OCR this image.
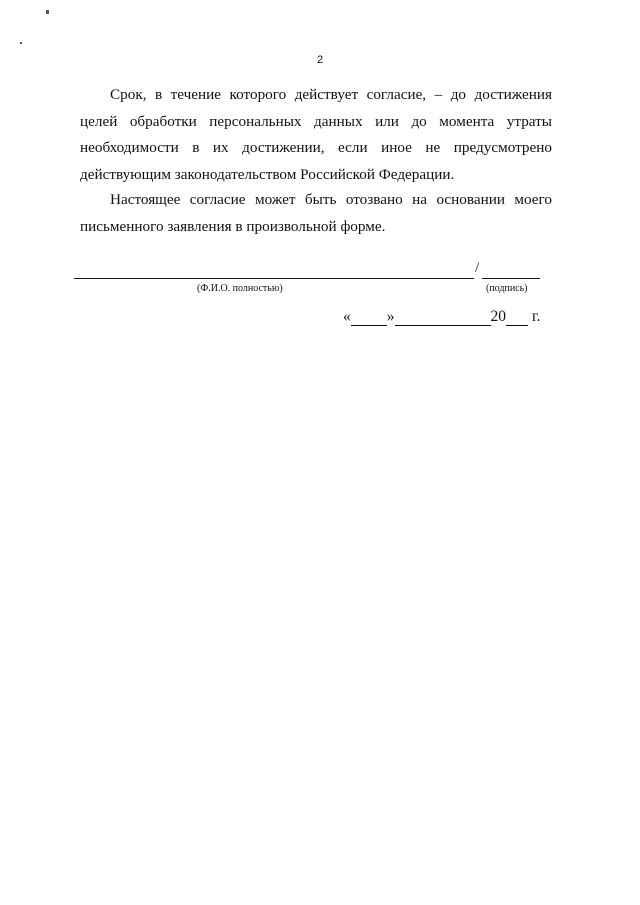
2

Срок, в течение которого действует согласие, – до достижения целей обработки персональных данных или до момента утраты необходимости в их достижении, если иное не предусмотрено действующим законодательством Российской Федерации.

Настоящее согласие может быть отозвано на основании моего письменного заявления в произвольной форме.

/
(Ф.И.О. полностью)	(подпись)
« »	20 г.
